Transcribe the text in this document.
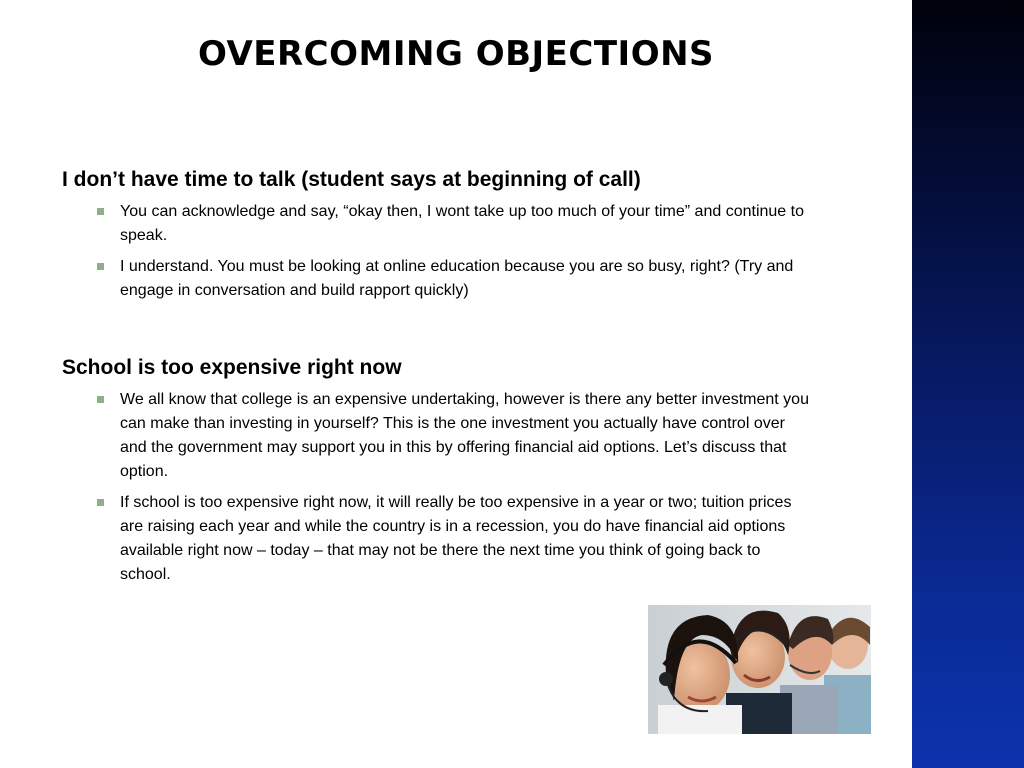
OVERCOMING OBJECTIONS

I don’t have time to talk (student says at beginning of call)

You can acknowledge and say, “okay then, I wont take up too much of your time” and continue to speak.
I understand. You must be looking at online education because you are so busy, right? (Try and engage in conversation and build rapport quickly)

School is too expensive right now

We all know that college is an expensive undertaking, however is there any better investment you can make than investing in yourself? This is the one investment you actually have control over and the government may support you in this by offering financial aid options. Let’s discuss that option.
If school is too expensive right now, it will really be too expensive in a year or two; tuition prices are raising each year and while the country is in a recession, you do have financial aid options available right now – today – that may not be there the next time you think of going back to school.
